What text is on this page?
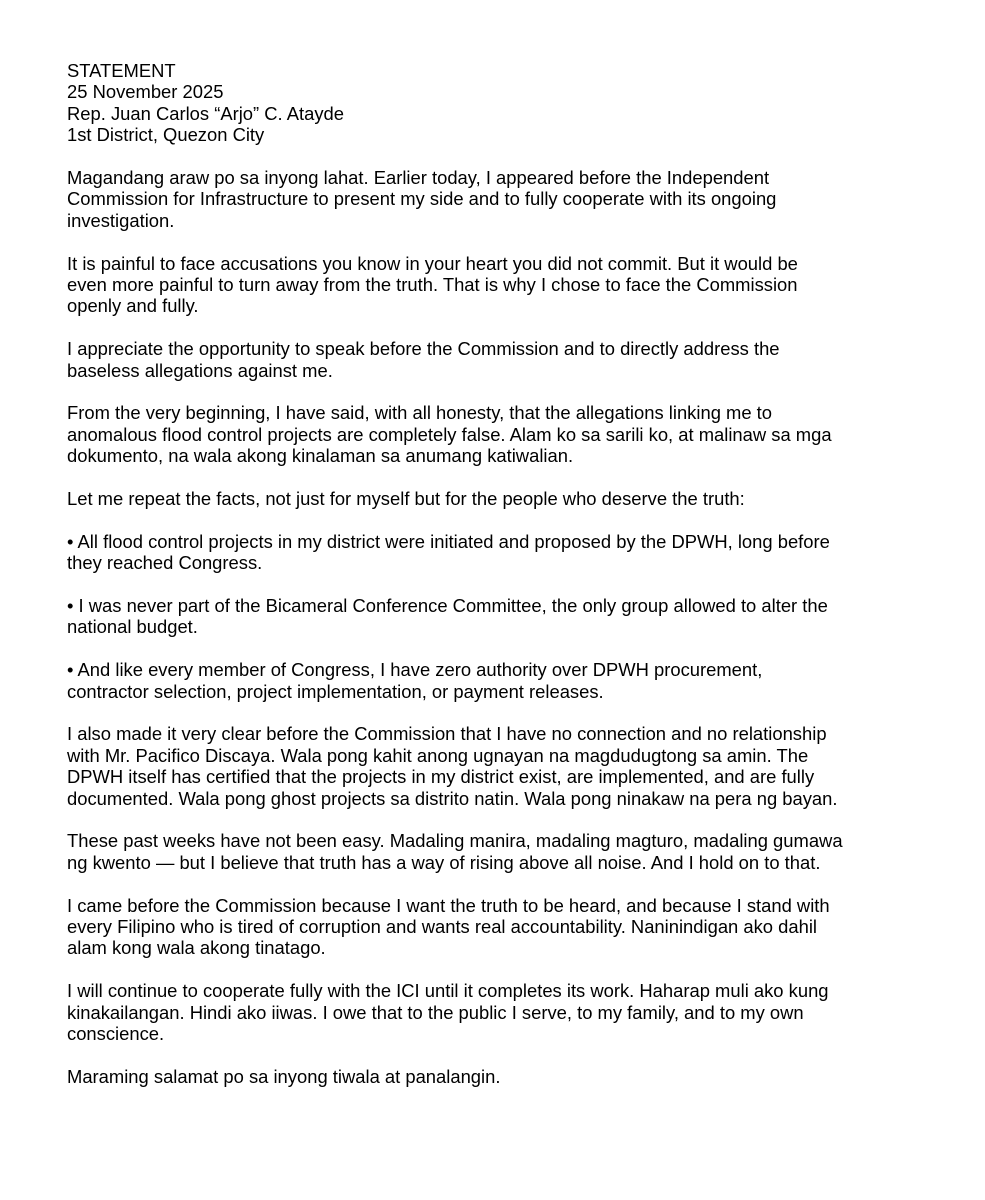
STATEMENT
25 November 2025
Rep. Juan Carlos “Arjo” C. Atayde
1st District, Quezon City

Magandang araw po sa inyong lahat. Earlier today, I appeared before the Independent
Commission for Infrastructure to present my side and to fully cooperate with its ongoing
investigation.

It is painful to face accusations you know in your heart you did not commit. But it would be
even more painful to turn away from the truth. That is why I chose to face the Commission
openly and fully.

I appreciate the opportunity to speak before the Commission and to directly address the
baseless allegations against me.

From the very beginning, I have said, with all honesty, that the allegations linking me to
anomalous flood control projects are completely false. Alam ko sa sarili ko, at malinaw sa mga
dokumento, na wala akong kinalaman sa anumang katiwalian.

Let me repeat the facts, not just for myself but for the people who deserve the truth:

• All flood control projects in my district were initiated and proposed by the DPWH, long before
they reached Congress.

• I was never part of the Bicameral Conference Committee, the only group allowed to alter the
national budget.

• And like every member of Congress, I have zero authority over DPWH procurement,
contractor selection, project implementation, or payment releases.

I also made it very clear before the Commission that I have no connection and no relationship
with Mr. Pacifico Discaya. Wala pong kahit anong ugnayan na magdudugtong sa amin. The
DPWH itself has certified that the projects in my district exist, are implemented, and are fully
documented. Wala pong ghost projects sa distrito natin. Wala pong ninakaw na pera ng bayan.

These past weeks have not been easy. Madaling manira, madaling magturo, madaling gumawa
ng kwento — but I believe that truth has a way of rising above all noise. And I hold on to that.

I came before the Commission because I want the truth to be heard, and because I stand with
every Filipino who is tired of corruption and wants real accountability. Naninindigan ako dahil
alam kong wala akong tinatago.

I will continue to cooperate fully with the ICI until it completes its work. Haharap muli ako kung
kinakailangan. Hindi ako iiwas. I owe that to the public I serve, to my family, and to my own
conscience.

Maraming salamat po sa inyong tiwala at panalangin.
